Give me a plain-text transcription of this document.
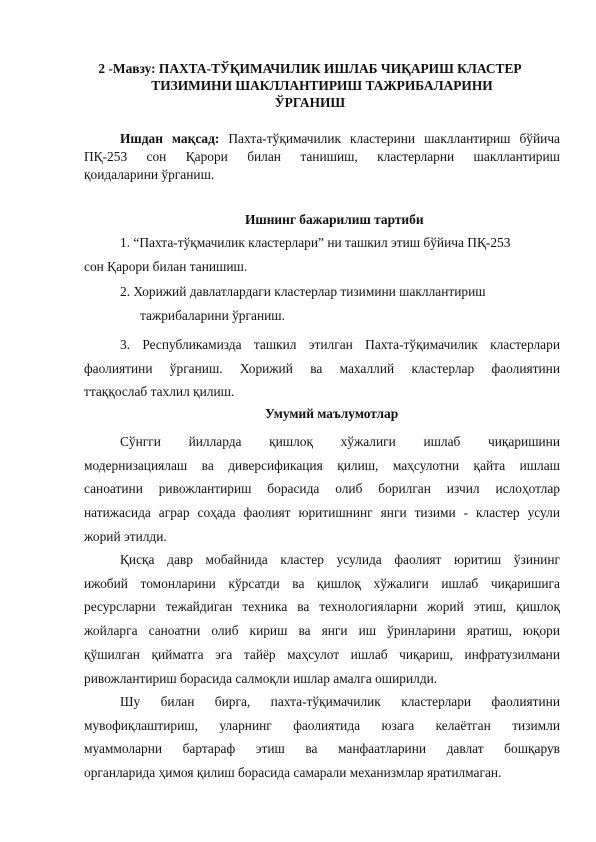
2 -Мавзу: ПАХТА-ТЎҚИМАЧИЛИК ИШЛАБ ЧИҚАРИШ КЛАСТЕР
ТИЗИМИНИ ШАКЛЛАНТИРИШ ТАЖРИБАЛАРИНИ
ЎРГАНИШ
Ишдан мақсад: Пахта-тўқимачилик кластерини шакллантириш бўйича
ПҚ-253 сон Қарори билан танишиш, кластерларни шакллантириш
қоидаларини ўрганиш.
Ишнинг бажарилиш тартиби
1. “Пахта-тўқмачилик кластерлари” ни ташкил этиш бўйича ПҚ-253
сон Қарори билан танишиш.
2. Хорижий давлатлардаги кластерлар тизимини шакллантириш
тажрибаларини ўрганиш.
3. Республикамизда ташкил этилган Пахта-тўқимачилик кластерлари
фаолиятини ўрганиш. Хорижий ва махаллий кластерлар фаолиятини
ттаққослаб тахлил қилиш.
Умумий маълумотлар
Сўнгги йилларда қишлоқ хўжалиги ишлаб чиқаришини
модернизациялаш ва диверсификация қилиш, маҳсулотни қайта ишлаш
саноатини ривожлантириш борасида олиб борилган изчил ислоҳотлар
натижасида аграр соҳада фаолият юритишнинг янги тизими - кластер усули
жорий этилди.
Қисқа давр мобайнида кластер усулида фаолият юритиш ўзининг
ижобий томонларини кўрсатди ва қишлоқ хўжалиги ишлаб чиқаришига
ресурсларни тежайдиган техника ва технологияларни жорий этиш, қишлоқ
жойларга саноатни олиб кириш ва янги иш ўринларини яратиш, юқори
қўшилган қийматга эга тайёр маҳсулот ишлаб чиқариш, инфратузилмани
ривожлантириш борасида салмоқли ишлар амалга оширилди.
Шу билан бирга, пахта-тўқимачилик кластерлари фаолиятини
мувофиқлаштириш, уларнинг фаолиятида юзага келаётган тизимли
муаммоларни бартараф этиш ва манфаатларини давлат бошқарув
органларида ҳимоя қилиш борасида самарали механизмлар яратилмаган.
